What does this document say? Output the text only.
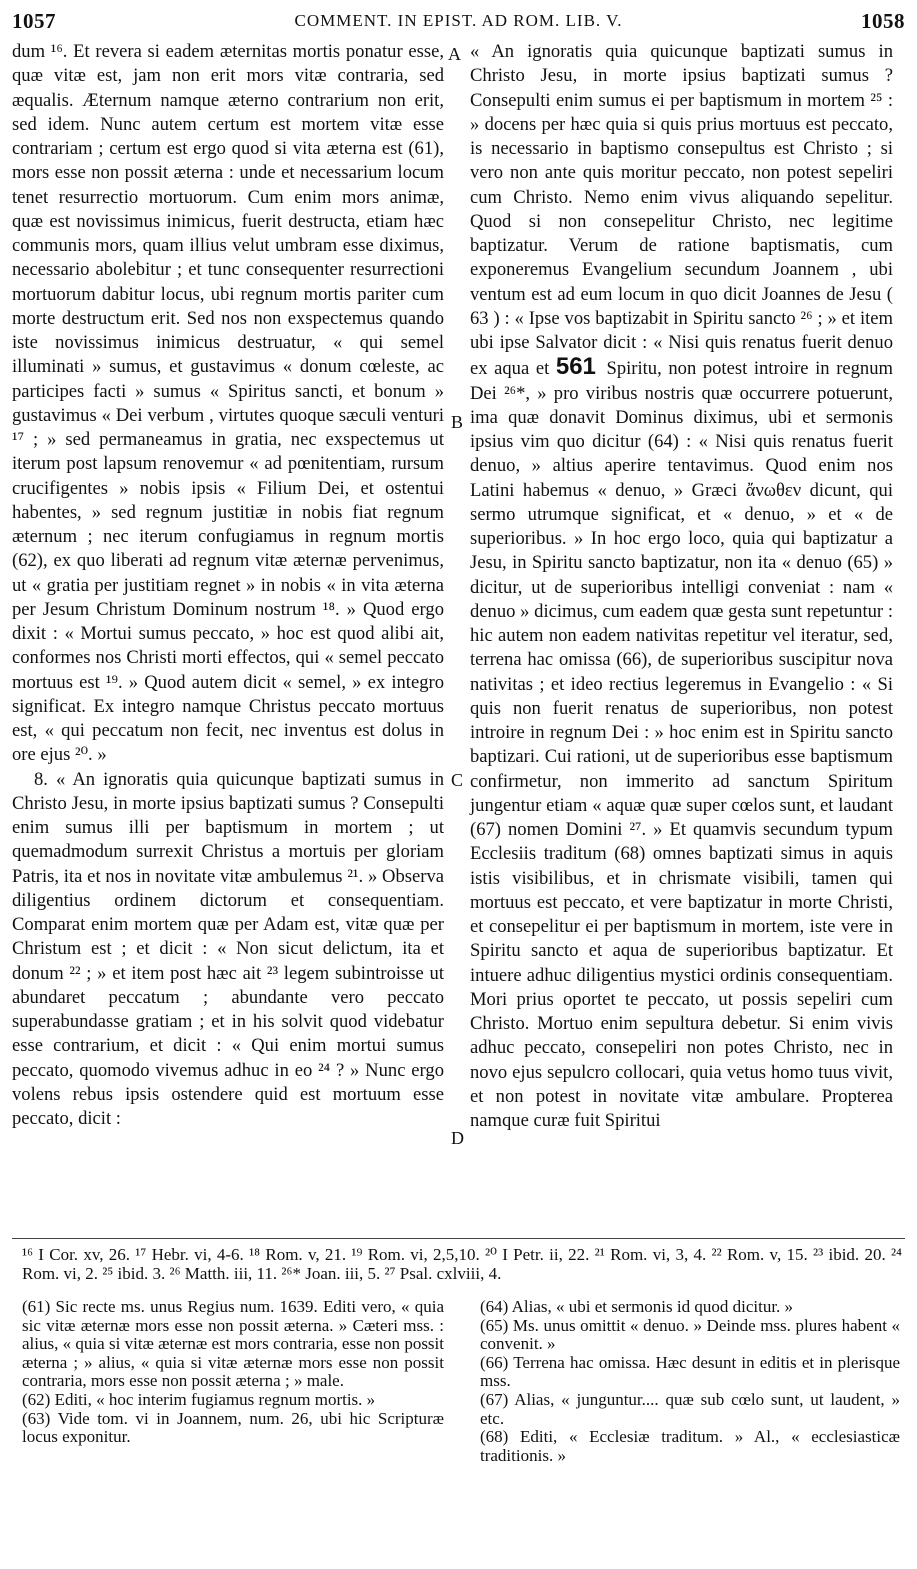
1057	COMMENT. IN EPIST. AD ROM. LIB. V.	1058

dum ¹⁶. Et revera si eadem æternitas mortis ponatur esse, quæ vitæ est, jam non erit mors vitæ contraria, sed æqualis. Æternum namque æterno contrarium non erit, sed idem. Nunc autem certum est mortem vitæ esse contrariam ; certum est ergo quod si vita æterna est (61), mors esse non possit æterna : unde et necessarium locum tenet resurrectio mortuorum. Cum enim mors animæ, quæ est novissimus inimicus, fuerit destructa, etiam hæc communis mors, quam illius velut umbram esse diximus, necessario abolebitur ; et tunc consequenter resurrectioni mortuorum dabitur locus, ubi regnum mortis pariter cum morte destructum erit. Sed nos non exspectemus quando iste novissimus inimicus destruatur, « qui semel illuminati » sumus, et gustavimus « donum cœleste, ac participes facti » sumus « Spiritus sancti, et bonum » gustavimus « Dei verbum , virtutes quoque sæculi venturi ¹⁷ ; » sed permaneamus in gratia, nec exspectemus ut iterum post lapsum renovemur « ad pœnitentiam, rursum crucifigentes » nobis ipsis « Filium Dei, et ostentui habentes, » sed regnum justitiæ in nobis fiat regnum æternum ; nec iterum confugiamus in regnum mortis (62), ex quo liberati ad regnum vitæ æternæ pervenimus, ut « gratia per justitiam regnet » in nobis « in vita æterna per Jesum Christum Dominum nostrum ¹⁸. » Quod ergo dixit : « Mortui sumus peccato, » hoc est quod alibi ait, conformes nos Christi morti effectos, qui « semel peccato mortuus est ¹⁹. » Quod autem dicit « semel, » ex integro significat. Ex integro namque Christus peccato mortuus est, « qui peccatum non fecit, nec inventus est dolus in ore ejus ²⁰. »

8. « An ignoratis quia quicunque baptizati sumus in Christo Jesu, in morte ipsius baptizati sumus ? Consepulti enim sumus illi per baptismum in mortem ; ut quemadmodum surrexit Christus a mortuis per gloriam Patris, ita et nos in novitate vitæ ambulemus ²¹. » Observa diligentius ordinem dictorum et consequentiam. Comparat enim mortem quæ per Adam est, vitæ quæ per Christum est ; et dicit : « Non sicut delictum, ita et donum ²² ; » et item post hæc ait ²³ legem subintroisse ut abundaret peccatum ; abundante vero peccato superabundasse gratiam ; et in his solvit quod videbatur esse contrarium, et dicit : « Qui enim mortui sumus peccato, quomodo vivemus adhuc in eo ²⁴ ? » Nunc ergo volens rebus ipsis ostendere quid est mortuum esse peccato, dicit :

A
B
C
D

« An ignoratis quia quicunque baptizati sumus in Christo Jesu, in morte ipsius baptizati sumus ? Consepulti enim sumus ei per baptismum in mortem ²⁵ : » docens per hæc quia si quis prius mortuus est peccato, is necessario in baptismo consepultus est Christo ; si vero non ante quis moritur peccato, non potest sepeliri cum Christo. Nemo enim vivus aliquando sepelitur. Quod si non consepelitur Christo, nec legitime baptizatur. Verum de ratione baptismatis, cum exponeremus Evangelium secundum Joannem , ubi ventum est ad eum locum in quo dicit Joannes de Jesu ( 63 ) : « Ipse vos baptizabit in Spiritu sancto ²⁶ ; » et item ubi ipse Salvator dicit : « Nisi quis renatus fuerit denuo ex aqua et 561 Spiritu, non potest introire in regnum Dei ²⁶*, » pro viribus nostris quæ occurrere potuerunt, ima quæ donavit Dominus diximus, ubi et sermonis ipsius vim quo dicitur (64) : « Nisi quis renatus fuerit denuo, » altius aperire tentavimus. Quod enim nos Latini habemus « denuo, » Græci ἄνωθεν dicunt, qui sermo utrumque significat, et « denuo, » et « de superioribus. » In hoc ergo loco, quia qui baptizatur a Jesu, in Spiritu sancto baptizatur, non ita « denuo (65) » dicitur, ut de superioribus intelligi conveniat : nam « denuo » dicimus, cum eadem quæ gesta sunt repetuntur : hic autem non eadem nativitas repetitur vel iteratur, sed, terrena hac omissa (66), de superioribus suscipitur nova nativitas ; et ideo rectius legeremus in Evangelio : « Si quis non fuerit renatus de superioribus, non potest introire in regnum Dei : » hoc enim est in Spiritu sancto baptizari. Cui rationi, ut de superioribus esse baptismum confirmetur, non immerito ad sanctum Spiritum jungentur etiam « aquæ quæ super cœlos sunt, et laudant (67) nomen Domini ²⁷. » Et quamvis secundum typum Ecclesiis traditum (68) omnes baptizati simus in aquis istis visibilibus, et in chrismate visibili, tamen qui mortuus est peccato, et vere baptizatur in morte Christi, et consepelitur ei per baptismum in mortem, iste vere in Spiritu sancto et aqua de superioribus baptizatur. Et intuere adhuc diligentius mystici ordinis consequentiam. Mori prius oportet te peccato, ut possis sepeliri cum Christo. Mortuo enim sepultura debetur. Si enim vivis adhuc peccato, consepeliri non potes Christo, nec in novo ejus sepulcro collocari, quia vetus homo tuus vivit, et non potest in novitate vitæ ambulare. Propterea namque curæ fuit Spiritui

¹⁶ I Cor. xv, 26. ¹⁷ Hebr. vi, 4-6. ¹⁸ Rom. v, 21. ¹⁹ Rom. vi, 2,5,10. ²⁰ I Petr. ii, 22. ²¹ Rom. vi, 3, 4. ²² Rom. v, 15. ²³ ibid. 20. ²⁴ Rom. vi, 2. ²⁵ ibid. 3. ²⁶ Matth. iii, 11. ²⁶* Joan. iii, 5. ²⁷ Psal. cxlviii, 4.

(61) Sic recte ms. unus Regius num. 1639. Editi vero, « quia sic vitæ æternæ mors esse non possit æterna. » Cæteri mss. : alius, « quia si vitæ æternæ est mors contraria, esse non possit æterna ; » alius, « quia si vitæ æternæ mors esse non possit contraria, mors esse non possit æterna ; » male.

(62) Editi, « hoc interim fugiamus regnum mortis. »

(63) Vide tom. vi in Joannem, num. 26, ubi hic Scripturæ locus exponitur.

(64) Alias, « ubi et sermonis id quod dicitur. »

(65) Ms. unus omittit « denuo. » Deinde mss. plures habent « convenit. »

(66) Terrena hac omissa. Hæc desunt in editis et in plerisque mss.

(67) Alias, « junguntur.... quæ sub cœlo sunt, ut laudent, » etc.

(68) Editi, « Ecclesiæ traditum. » Al., « ecclesiasticæ traditionis. »
